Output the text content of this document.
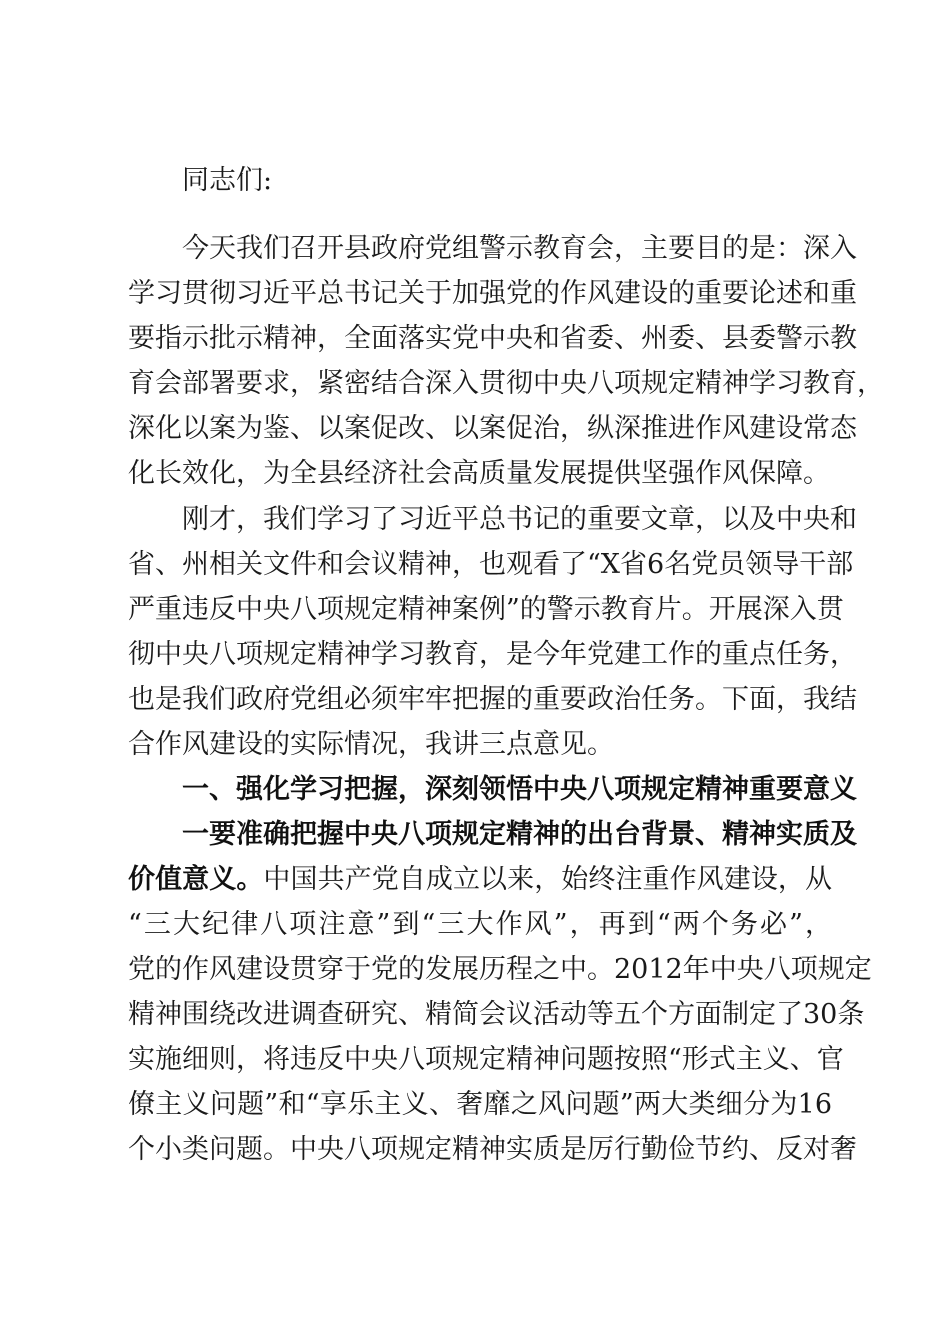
同志们:
今天我们召开县政府党组警示教育会，主要目的是：深入
学习贯彻习近平总书记关于加强党的作风建设的重要论述和重
要指示批示精神，全面落实党中央和省委、州委、县委警示教
育会部署要求，紧密结合深入贯彻中央八项规定精神学习教育，
深化以案为鉴、以案促改、以案促治，纵深推进作风建设常态
化长效化，为全县经济社会高质量发展提供坚强作风保障。
刚才，我们学习了习近平总书记的重要文章，以及中央和
省、州相关文件和会议精神，也观看了“X省6名党员领导干部
严重违反中央八项规定精神案例”的警示教育片。开展深入贯
彻中央八项规定精神学习教育，是今年党建工作的重点任务，
也是我们政府党组必须牢牢把握的重要政治任务。下面，我结
合作风建设的实际情况，我讲三点意见。
一、强化学习把握，深刻领悟中央八项规定精神重要意义
一要准确把握中央八项规定精神的出台背景、精神实质及
价值意义。中国共产党自成立以来，始终注重作风建设，从
“三大纪律八项注意”到“三大作风”，再到“两个务必”，
党的作风建设贯穿于党的发展历程之中。2012年中央八项规定
精神围绕改进调查研究、精简会议活动等五个方面制定了30条
实施细则，将违反中央八项规定精神问题按照“形式主义、官
僚主义问题”和“享乐主义、奢靡之风问题”两大类细分为16
个小类问题。中央八项规定精神实质是厉行勤俭节约、反对奢
